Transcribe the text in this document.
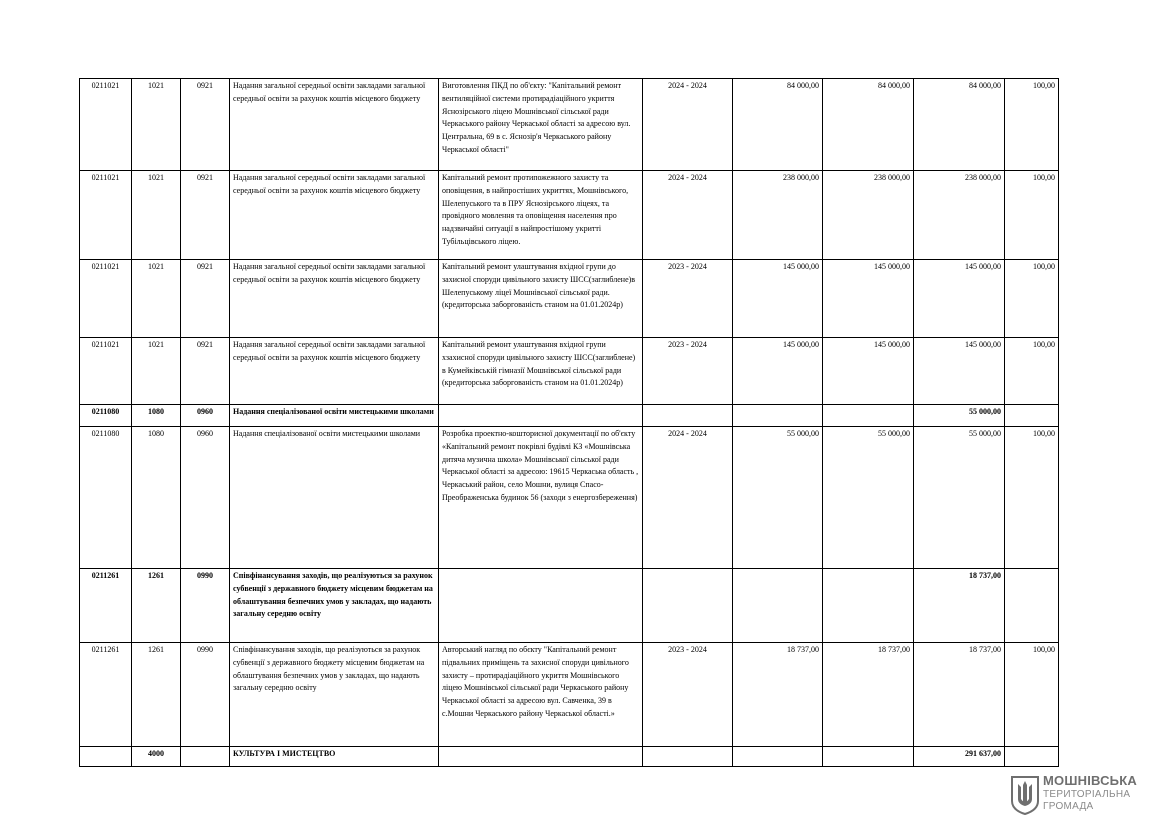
0211021	1021	0921	Надання загальної середньої освіти закладами загальної середньої освіти за рахунок коштів місцевого бюджету	Виготовлення ПКД по об'єкту: "Капітальний ремонт вентиляційної системи протирадіаційного укриття Яснозірського ліцею Мошнівської сільської ради Черкаського району Черкаської області за адресою вул. Центральна, 69 в с. Яснозір'я Черкаського району Черкаської області"	2024 - 2024	84 000,00	84 000,00	84 000,00	100,00
0211021	1021	0921	Надання загальної середньої освіти закладами загальної середньої освіти за рахунок коштів місцевого бюджету	Капітальний ремонт протипожежного захисту та оповіщення, в найпростіших укриттях, Мошнівського, Шелепуського та в ПРУ Яснозірського ліцеях, та провідного мовлення та оповіщення населення про надзвичайні ситуації в найпростішому укритті Тубільцівського ліцею.	2024 - 2024	238 000,00	238 000,00	238 000,00	100,00
0211021	1021	0921	Надання загальної середньої освіти закладами загальної середньої освіти за рахунок коштів місцевого бюджету	Капітальний ремонт улаштування вхідної групи до захисної споруди цивільного захисту ШСС(заглиблене)в Шелепуському ліцеї Мошнівської сільської ради.(кредиторська заборгованість станом на 01.01.2024р)	2023 - 2024	145 000,00	145 000,00	145 000,00	100,00
0211021	1021	0921	Надання загальної середньої освіти закладами загальної середньої освіти за рахунок коштів місцевого бюджету	Капітальний ремонт улаштування вхідної групи хзахисної споруди цивільного захисту ШСС(заглиблене) в Кумейківській гімназії Мошнівської сільської ради (кредиторська заборгованість станом на 01.01.2024р)	2023 - 2024	145 000,00	145 000,00	145 000,00	100,00
0211080	1080	0960	Надання спеціалізованої освіти мистецькими школами					55 000,00	
0211080	1080	0960	Надання спеціалізованої освіти мистецькими школами	Розробка проектно-кошторисної документації по об'єкту «Капітальний ремонт покрівлі будівлі КЗ «Мошнівська дитяча музична школа» Мошнівської сільської ради Черкаської області за адресою: 19615 Черкаська область , Черкаський район, село Мошни, вулиця Спасо-Преображенська будинок 56 (заходи з енергозбереження)	2024 - 2024	55 000,00	55 000,00	55 000,00	100,00
0211261	1261	0990	Співфінансування заходів, що реалізуються за рахунок субвенції з державного бюджету місцевим бюджетам на облаштування безпечних умов у закладах, що надають загальну середню освіту					18 737,00	
0211261	1261	0990	Співфінансування заходів, що реалізуються за рахунок субвенції з державного бюджету місцевим бюджетам на облаштування безпечних умов у закладах, що надають загальну середню освіту	Авторський нагляд по обєкту "Капітальний ремонт підвальних приміщень та захисної споруди цивільного захисту – протирадіаційного укриття Мошнівського ліцею Мошнівської сільської ради Черкаського району Черкаської області за адресою вул. Савченка, 39 в с.Мошни Черкаського району Черкаської області.»	2023 - 2024	18 737,00	18 737,00	18 737,00	100,00
	4000		КУЛЬТУРА І МИСТЕЦТВО					291 637,00	
МОШНІВСЬКА
ТЕРИТОРІАЛЬНА
ГРОМАДА
